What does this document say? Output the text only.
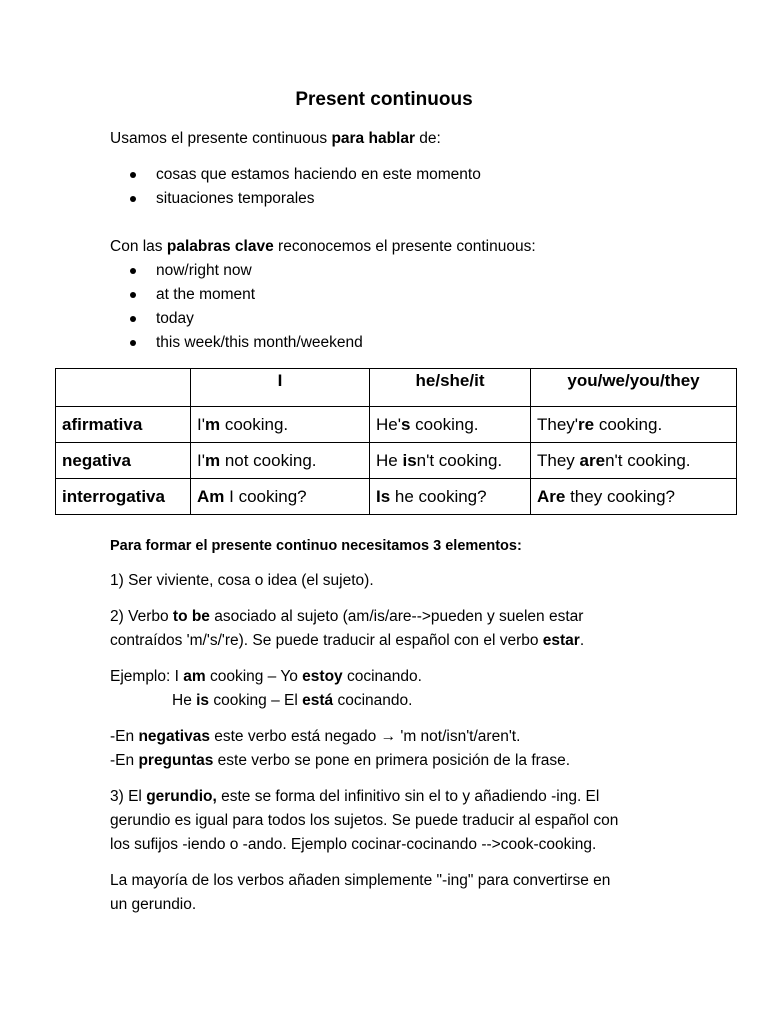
Present continuous
Usamos el presente continuous para hablar de:
cosas que estamos haciendo en este momento
situaciones temporales
Con las palabras clave reconocemos el presente continuous:
now/right now
at the moment
today
this week/this month/weekend
	I	he/she/it	you/we/you/they
afirmativa	I'm cooking.	He's cooking.	They're cooking.
negativa	I'm not cooking.	He isn't cooking.	They aren't cooking.
interrogativa	Am I cooking?	Is he cooking?	Are they cooking?
Para formar el presente continuo necesitamos 3 elementos:
1) Ser viviente, cosa o idea (el sujeto).
2) Verbo to be asociado al sujeto (am/is/are-->pueden y suelen estar
contraídos 'm/'s/'re). Se puede traducir al español con el verbo estar.
Ejemplo: I am cooking – Yo estoy cocinando.
He is cooking – El está cocinando.
-En negativas este verbo está negado → 'm not/isn't/aren't.
-En preguntas este verbo se pone en primera posición de la frase.
3) El gerundio, este se forma del infinitivo sin el to y añadiendo -ing. El
gerundio es igual para todos los sujetos. Se puede traducir al español con
los sufijos -iendo o -ando. Ejemplo cocinar-cocinando -->cook-cooking.
La mayoría de los verbos añaden simplemente "-ing" para convertirse en
un gerundio.
